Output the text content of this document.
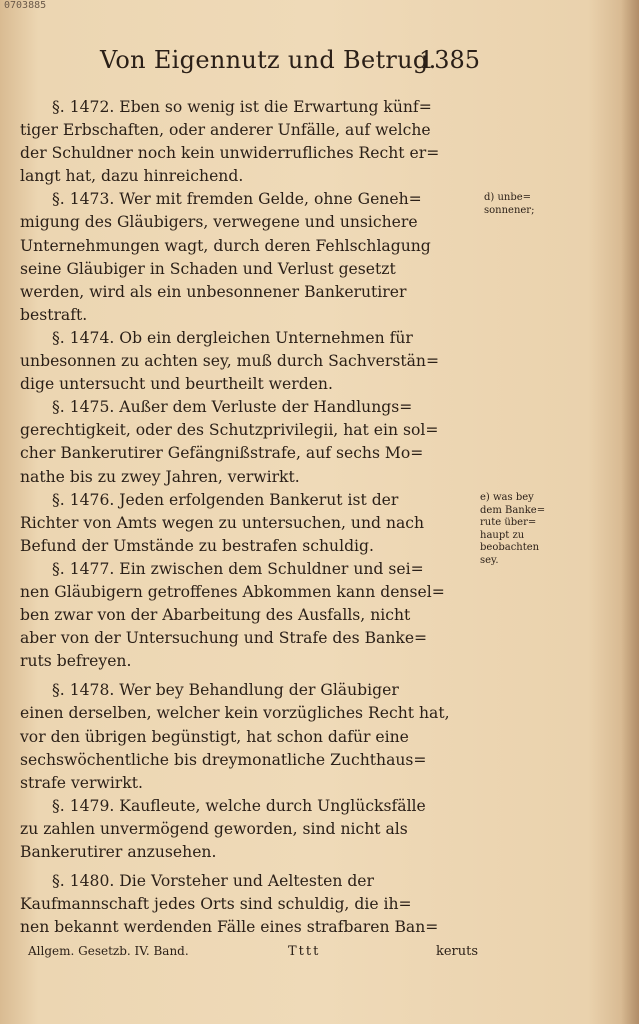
0703885
Von Eigennutz und Betrug.
1385
§. 1472. Eben so wenig ist die Erwartung künf=
tiger Erbschaften, oder anderer Unfälle, auf welche
der Schuldner noch kein unwiderrufliches Recht er=
langt hat, dazu hinreichend.
§. 1473. Wer mit fremden Gelde, ohne Geneh=
migung des Gläubigers, verwegene und unsichere
Unternehmungen wagt, durch deren Fehlschlagung
seine Gläubiger in Schaden und Verlust gesetzt
werden, wird als ein unbesonnener Bankerutirer
bestraft.
§. 1474. Ob ein dergleichen Unternehmen für
unbesonnen zu achten sey, muß durch Sachverstän=
dige untersucht und beurtheilt werden.
§. 1475. Außer dem Verluste der Handlungs=
gerechtigkeit, oder des Schutzprivilegii, hat ein sol=
cher Bankerutirer Gefängnißstrafe, auf sechs Mo=
nathe bis zu zwey Jahren, verwirkt.
§. 1476. Jeden erfolgenden Bankerut ist der
Richter von Amts wegen zu untersuchen, und nach
Befund der Umstände zu bestrafen schuldig.
§. 1477. Ein zwischen dem Schuldner und sei=
nen Gläubigern getroffenes Abkommen kann densel=
ben zwar von der Abarbeitung des Ausfalls, nicht
aber von der Untersuchung und Strafe des Banke=
ruts befreyen.
§. 1478. Wer bey Behandlung der Gläubiger
einen derselben, welcher kein vorzügliches Recht hat,
vor den übrigen begünstigt, hat schon dafür eine
sechswöchentliche bis dreymonatliche Zuchthaus=
strafe verwirkt.
§. 1479. Kaufleute, welche durch Unglücksfälle
zu zahlen unvermögend geworden, sind nicht als
Bankerutirer anzusehen.
§. 1480. Die Vorsteher und Aeltesten der
Kaufmannschaft jedes Orts sind schuldig, die ih=
nen bekannt werdenden Fälle eines strafbaren Ban=
d) unbe=
sonnener;
e) was bey
dem Banke=
rute über=
haupt zu
beobachten
sey.
Allgem. Gesetzb. IV. Band.	Tttt	keruts
